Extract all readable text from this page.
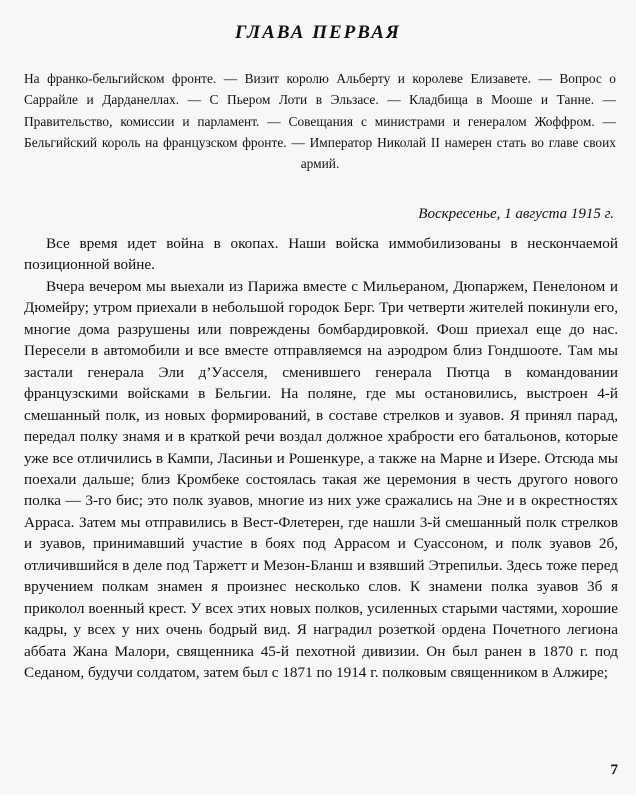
ГЛАВА ПЕРВАЯ
На франко-бельгийском фронте. — Визит королю Альберту и королеве Елизавете. — Вопрос о Саррайле и Дарданеллах. — С Пьером Лоти в Эльзасе. — Кладбища в Мооше и Танне. — Правительство, комиссии и парламент. — Совещания с министрами и генералом Жоффром. — Бельгийский король на французском фронте. — Император Николай II намерен стать во главе своих армий.
Воскресенье, 1 августа 1915 г.

Все время идет война в окопах. Наши войска иммобилизованы в нескончаемой позиционной войне.

Вчера вечером мы выехали из Парижа вместе с Мильераном, Дюпаржем, Пенелоном и Дюмейру; утром приехали в небольшой городок Берг. Три четверти жителей покинули его, многие дома разрушены или повреждены бомбардировкой. Фош приехал еще до нас. Пересели в автомобили и все вместе отправляемся на аэродром близ Гондшооте. Там мы застали генерала Эли д’Уасселя, сменившего генерала Пютца в командовании французскими войсками в Бельгии. На поляне, где мы остановились, выстроен 4-й смешанный полк, из новых формирований, в составе стрелков и зуавов. Я принял парад, передал полку знамя и в краткой речи воздал должное храбрости его батальонов, которые уже все отличились в Кампи, Ласиньи и Рошенкуре, а также на Марне и Изере. Отсюда мы поехали дальше; близ Кромбеке состоялась такая же церемония в честь другого нового полка — 3-го бис; это полк зуавов, многие из них уже сражались на Эне и в окрестностях Арраса. Затем мы отправились в Вест-Флетерен, где нашли 3-й смешанный полк стрелков и зуавов, принимавший участие в боях под Аррасом и Суассоном, и полк зуавов 2б, отличившийся в деле под Таржетт и Мезон-Бланш и взявший Этрепильи. Здесь тоже перед вручением полкам знамен я произнес несколько слов. К знамени полка зуавов 3б я приколол военный крест. У всех этих новых полков, усиленных старыми частями, хорошие кадры, у всех у них очень бодрый вид. Я наградил розеткой ордена Почетного легиона аббата Жана Малори, священника 45-й пехотной дивизии. Он был ранен в 1870 г. под Седаном, будучи солдатом, затем был с 1871 по 1914 г. полковым священником в Алжире;

7
